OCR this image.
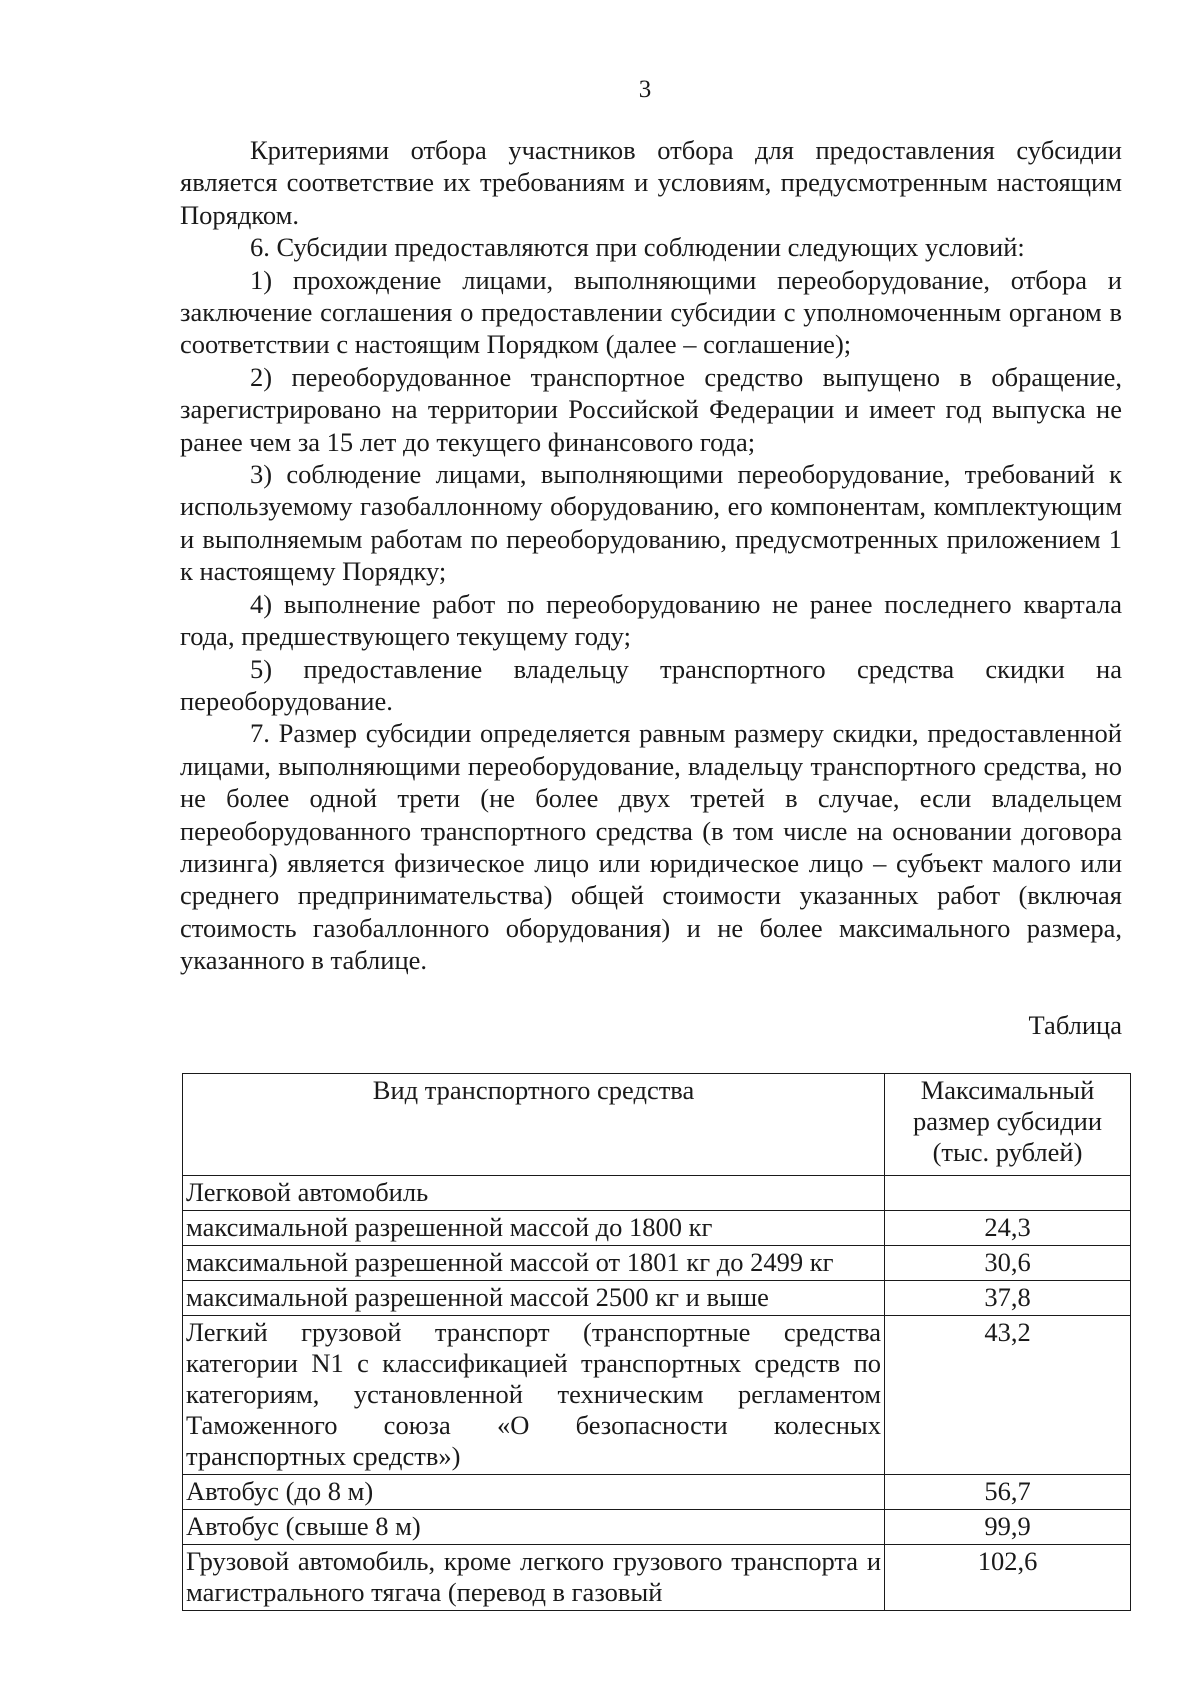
3

Критериями отбора участников отбора для предоставления субсидии является соответствие их требованиям и условиям, предусмотренным настоящим Порядком.

6. Субсидии предоставляются при соблюдении следующих условий:

1) прохождение лицами, выполняющими переоборудование, отбора и заключение соглашения о предоставлении субсидии с уполномоченным органом в соответствии с настоящим Порядком (далее – соглашение);

2) переоборудованное транспортное средство выпущено в обращение, зарегистрировано на территории Российской Федерации и имеет год выпуска не ранее чем за 15 лет до текущего финансового года;

3) соблюдение лицами, выполняющими переоборудование, требований к используемому газобаллонному оборудованию, его компонентам, комплектующим и выполняемым работам по переоборудованию, предусмотренных приложением 1 к настоящему Порядку;

4) выполнение работ по переоборудованию не ранее последнего квартала года, предшествующего текущему году;

5) предоставление владельцу транспортного средства скидки на переоборудование.

7. Размер субсидии определяется равным размеру скидки, предоставленной лицами, выполняющими переоборудование, владельцу транспортного средства, но не более одной трети (не более двух третей в случае, если владельцем переоборудованного транспортного средства (в том числе на основании договора лизинга) является физическое лицо или юридическое лицо – субъект малого или среднего предпринимательства) общей стоимости указанных работ (включая стоимость газобаллонного оборудования) и не более максимального размера, указанного в таблице.

Таблица
Вид транспортного средства	Максимальный размер субсидии (тыс. рублей)
Легковой автомобиль	
максимальной разрешенной массой до 1800 кг	24,3
максимальной разрешенной массой от 1801 кг до 2499 кг	30,6
максимальной разрешенной массой 2500 кг и выше	37,8
Легкий грузовой транспорт (транспортные средства категории N1 с классификацией транспортных средств по категориям, установленной техническим регламентом Таможенного союза «О безопасности колесных транспортных средств»)	43,2
Автобус (до 8 м)	56,7
Автобус (свыше 8 м)	99,9
Грузовой автомобиль, кроме легкого грузового транспорта и магистрального тягача (перевод в газовый	102,6
